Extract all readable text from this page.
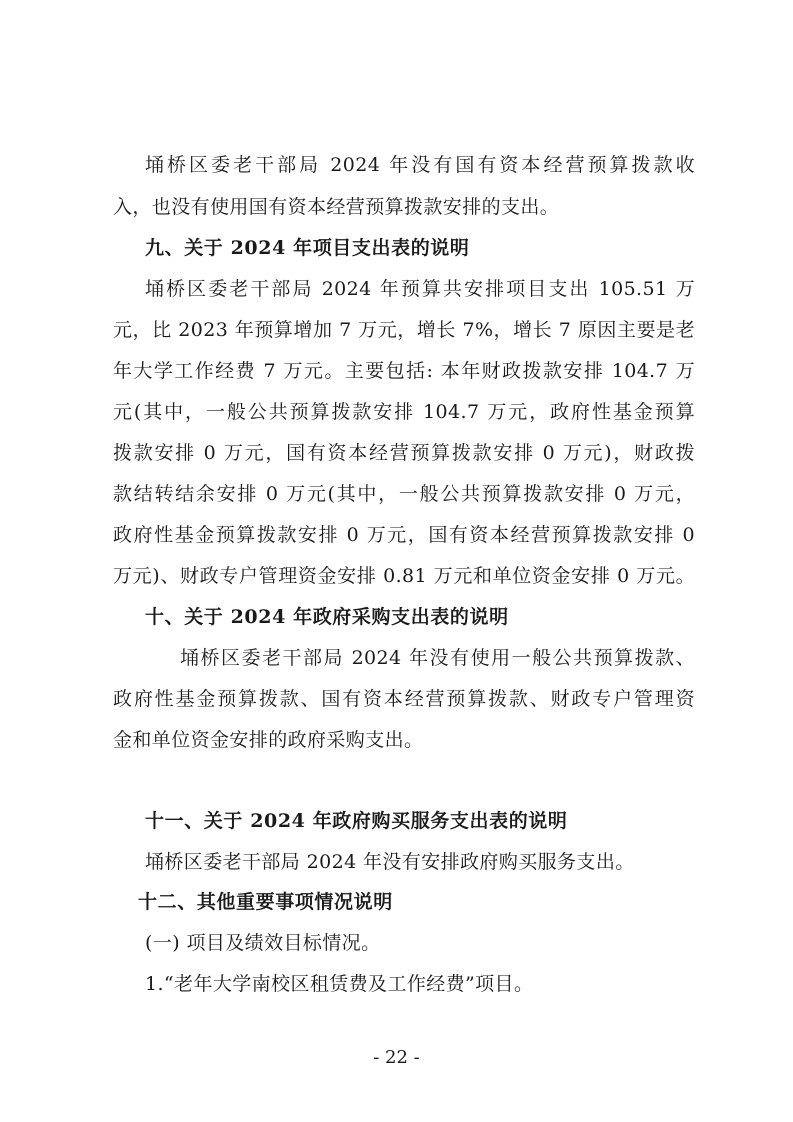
埇桥区委老干部局 2024 年没有国有资本经营预算拨款收
入，也没有使用国有资本经营预算拨款安排的支出。
九、关于 2024 年项目支出表的说明
埇桥区委老干部局 2024 年预算共安排项目支出 105.51 万
元，比 2023 年预算增加 7 万元，增长 7%，增长 7 原因主要是老
年大学工作经费 7 万元。主要包括: 本年财政拨款安排 104.7 万
元(其中，一般公共预算拨款安排 104.7 万元，政府性基金预算
拨款安排 0 万元，国有资本经营预算拨款安排 0 万元)，财政拨
款结转结余安排 0 万元(其中，一般公共预算拨款安排 0 万元，
政府性基金预算拨款安排 0 万元，国有资本经营预算拨款安排 0
万元)、财政专户管理资金安排 0.81 万元和单位资金安排 0 万元。
十、关于 2024 年政府采购支出表的说明
埇桥区委老干部局 2024 年没有使用一般公共预算拨款、
政府性基金预算拨款、国有资本经营预算拨款、财政专户管理资
金和单位资金安排的政府采购支出。
十一、关于 2024 年政府购买服务支出表的说明
埇桥区委老干部局 2024 年没有安排政府购买服务支出。
十二、其他重要事项情况说明
(一) 项目及绩效目标情况。
1.“老年大学南校区租赁费及工作经费”项目。
- 22 -
